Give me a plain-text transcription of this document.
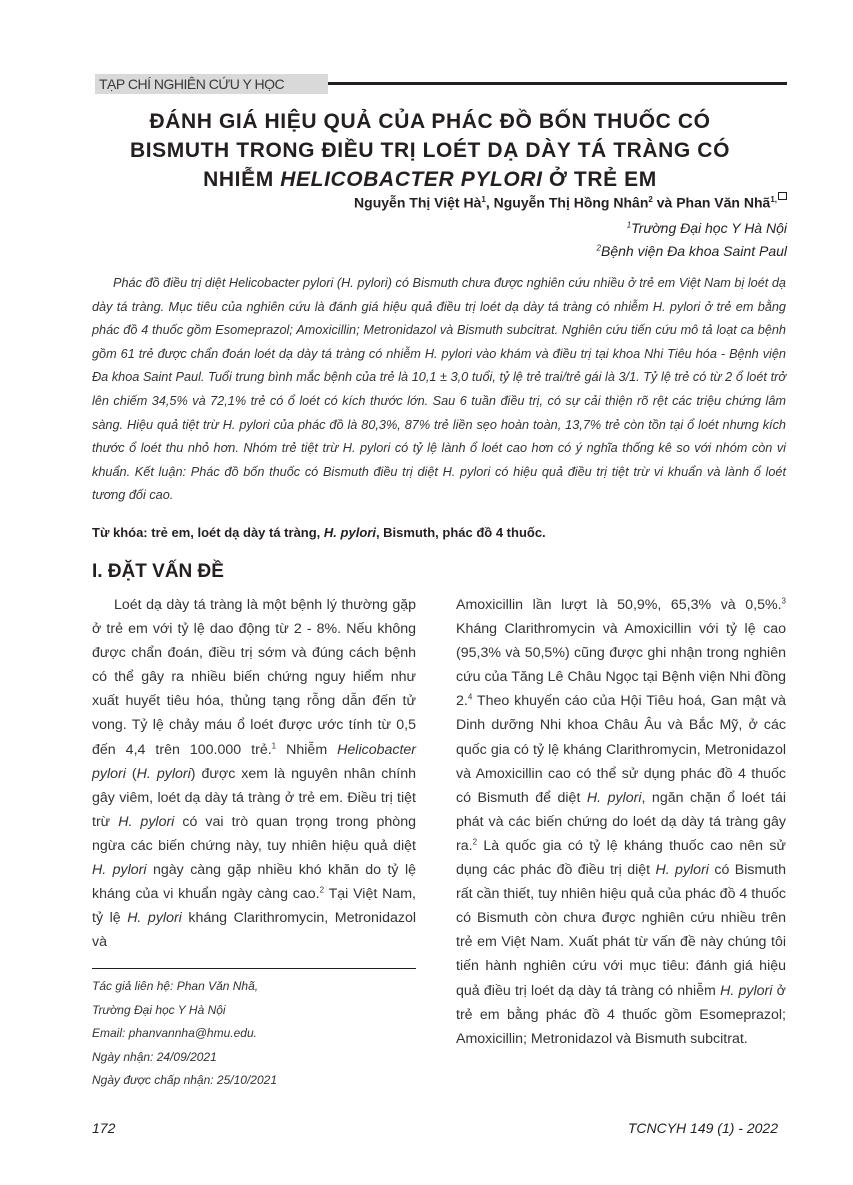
TẠP CHÍ NGHIÊN CỨU Y HỌC
ĐÁNH GIÁ HIỆU QUẢ CỦA PHÁC ĐỒ BỐN THUỐC CÓ
BISMUTH TRONG ĐIỀU TRỊ LOÉT DẠ DÀY TÁ TRÀNG CÓ
NHIỄM HELICOBACTER PYLORI Ở TRẺ EM
Nguyễn Thị Việt $Hà^1$, Nguyễn Thị Hồng Nhân$^2$ và Phan Văn Nhã$^{1,}$
$^1$Trường Đại học Y Hà Nội
$^2$Bệnh viện Đa khoa Saint Paul

Phác đồ điều trị diệt Helicobacter pylori (H. pylori) có Bismuth chưa được nghiên cứu nhiều ở trẻ em Việt Nam bị loét dạ dày tá tràng. Mục tiêu của nghiên cứu là đánh giá hiệu quả điều trị loét dạ dày tá tràng có nhiễm H. pylori ở trẻ em bằng phác đồ 4 thuốc gồm Esomeprazol; Amoxicillin; Metronidazol và Bismuth subcitrat. Nghiên cứu tiến cứu mô tả loạt ca bệnh gồm 61 trẻ được chẩn đoán loét dạ dày tá tràng có nhiễm H. pylori vào khám và điều trị tại khoa Nhi Tiêu hóa - Bệnh viện Đa khoa Saint Paul. Tuổi trung bình mắc bệnh của trẻ là 10,1 ± 3,0 tuổi, tỷ lệ trẻ trai/trẻ gái là 3/1. Tỷ lệ trẻ có từ 2 ổ loét trở lên chiếm 34,5% và 72,1% trẻ có ổ loét có kích thước lớn. Sau 6 tuần điều trị, có sự cải thiện rõ rệt các triệu chứng lâm sàng. Hiệu quả tiệt trừ H. pylori của phác đồ là 80,3%, 87% trẻ liền sẹo hoàn toàn, 13,7% trẻ còn tồn tại ổ loét nhưng kích thước ổ loét thu nhỏ hơn. Nhóm trẻ tiệt trừ H. pylori có tỷ lệ lành ổ loét cao hơn có ý nghĩa thống kê so với nhóm còn vi khuẩn. Kết luận: Phác đồ bốn thuốc có Bismuth điều trị diệt H. pylori có hiệu quả điều trị tiệt trừ vi khuẩn và lành ổ loét tương đối cao.

Từ khóa: trẻ em, loét dạ dày tá tràng, H. pylori, Bismuth, phác đồ 4 thuốc.
I. ĐẶT VẤN ĐỀ

Loét dạ dày tá tràng là một bệnh lý thường gặp ở trẻ em với tỷ lệ dao động từ 2 - 8%. Nếu không được chẩn đoán, điều trị sớm và đúng cách bệnh có thể gây ra nhiều biến chứng nguy hiểm như xuất huyết tiêu hóa, thủng tạng rỗng dẫn đến tử vong. Tỷ lệ chảy máu ổ loét được ước tính từ 0,5 đến 4,4 trên 100.000 trẻ.$^1$ Nhiễm Helicobacter pylori (H. pylori) được xem là nguyên nhân chính gây viêm, loét dạ dày tá tràng ở trẻ em. Điều trị tiệt trừ H. pylori có vai trò quan trọng trong phòng ngừa các biến chứng này, tuy nhiên hiệu quả diệt H. pylori ngày càng gặp nhiều khó khăn do tỷ lệ kháng của vi khuẩn ngày càng cao.$^2$ Tại Việt Nam, tỷ lệ H. pylori kháng Clarithromycin, Metronidazol và

Amoxicillin lần lượt là 50,9%, 65,3% và 0,5%.$^3$ Kháng Clarithromycin và Amoxicillin với tỷ lệ cao (95,3% và 50,5%) cũng được ghi nhận trong nghiên cứu của Tăng Lê Châu Ngọc tại Bệnh viện Nhi đồng 2.$^4$ Theo khuyến cáo của Hội Tiêu hoá, Gan mật và Dinh dưỡng Nhi khoa Châu Âu và Bắc Mỹ, ở các quốc gia có tỷ lệ kháng Clarithromycin, Metronidazol và Amoxicillin cao có thể sử dụng phác đồ 4 thuốc có Bismuth để diệt H. pylori, ngăn chặn ổ loét tái phát và các biến chứng do loét dạ dày tá tràng gây ra.$^2$ Là quốc gia có tỷ lệ kháng thuốc cao nên sử dụng các phác đồ điều trị diệt H. pylori có Bismuth rất cần thiết, tuy nhiên hiệu quả của phác đồ 4 thuốc có Bismuth còn chưa được nghiên cứu nhiều trên trẻ em Việt Nam. Xuất phát từ vấn đề này chúng tôi tiến hành nghiên cứu với mục tiêu: đánh giá hiệu quả điều trị loét dạ dày tá tràng có nhiễm H. pylori ở trẻ em bằng phác đồ 4 thuốc gồm Esomeprazol; Amoxicillin; Metronidazol và Bismuth subcitrat.

Tác giả liên hệ: Phan Văn Nhã,
Trường Đại học Y Hà Nội
Email: phanvannha@hmu.edu.
Ngày nhận: 24/09/2021
Ngày được chấp nhận: 25/10/2021
172	TCNCYH 149 (1) - 2022
